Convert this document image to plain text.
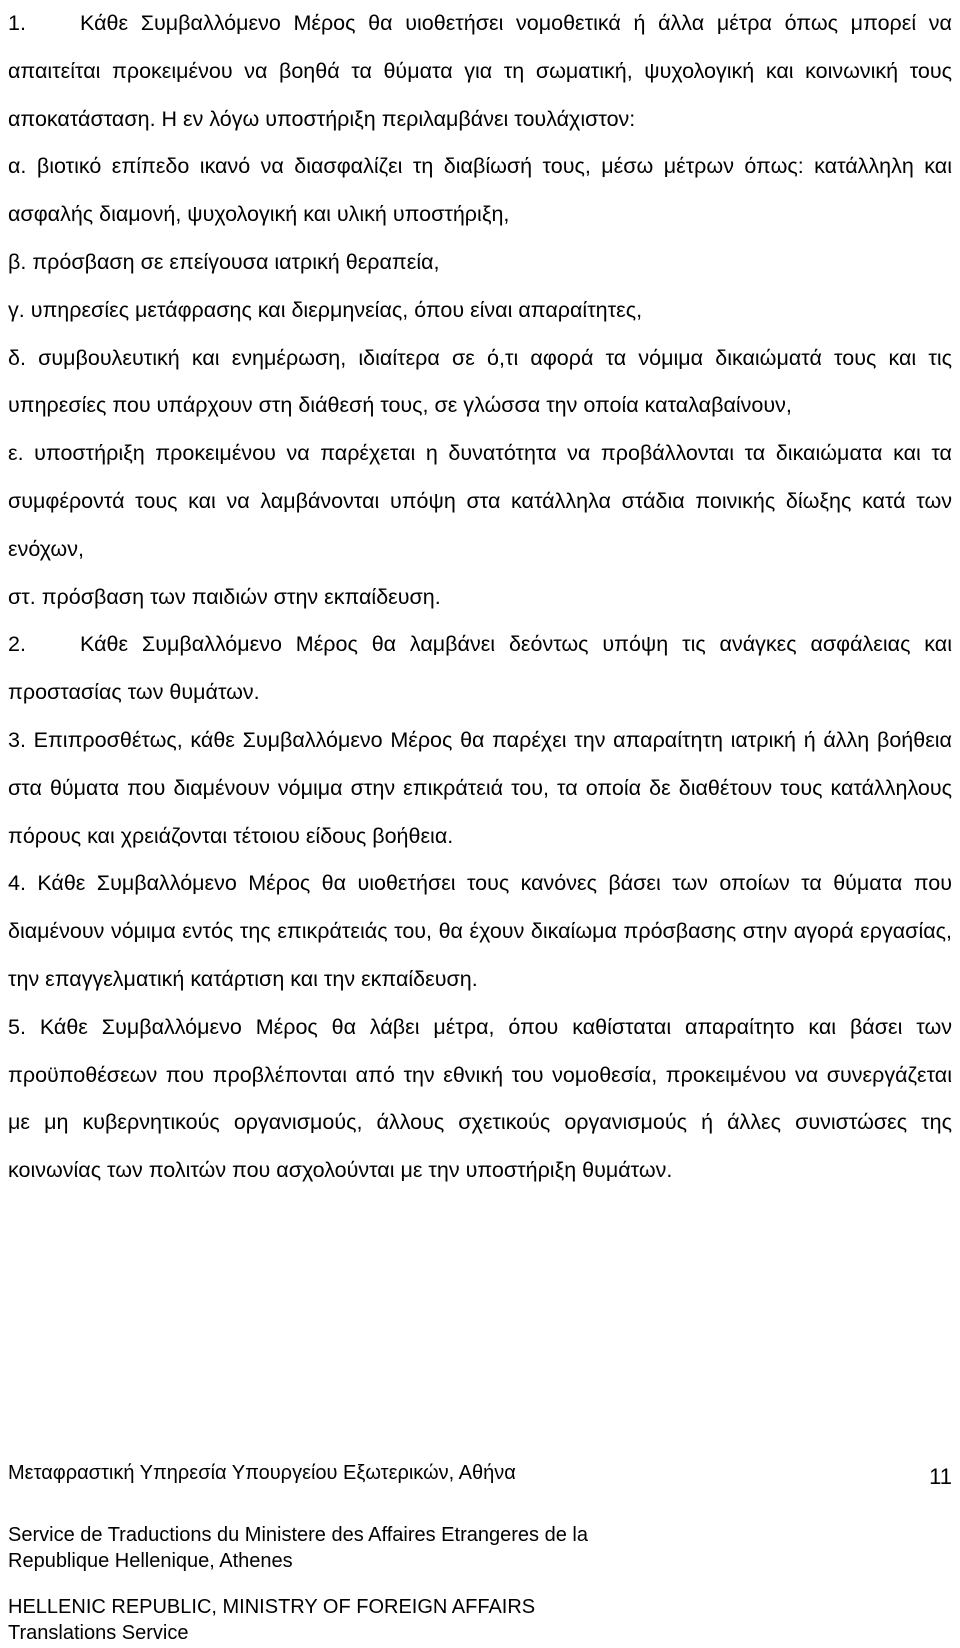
1.	Κάθε Συμβαλλόμενο Μέρος θα υιοθετήσει νομοθετικά ή άλλα μέτρα όπως μπορεί να απαιτείται προκειμένου να βοηθά τα θύματα για τη σωματική, ψυχολογική και κοινωνική τους αποκατάσταση. Η εν λόγω υποστήριξη περιλαμβάνει τουλάχιστον:

α. βιοτικό επίπεδο ικανό να διασφαλίζει τη διαβίωσή τους, μέσω μέτρων όπως: κατάλληλη και ασφαλής διαμονή, ψυχολογική και υλική υποστήριξη,

β. πρόσβαση σε επείγουσα ιατρική θεραπεία,

γ. υπηρεσίες μετάφρασης και διερμηνείας, όπου είναι απαραίτητες,

δ. συμβουλευτική και ενημέρωση, ιδιαίτερα σε ό,τι αφορά τα νόμιμα δικαιώματά τους και τις υπηρεσίες που υπάρχουν στη διάθεσή τους, σε γλώσσα την οποία καταλαβαίνουν,

ε. υποστήριξη προκειμένου να παρέχεται η δυνατότητα να προβάλλονται τα δικαιώματα και τα συμφέροντά τους και να λαμβάνονται υπόψη στα κατάλληλα στάδια ποινικής δίωξης κατά των ενόχων,

στ. πρόσβαση των παιδιών στην εκπαίδευση.

2.	Κάθε Συμβαλλόμενο Μέρος θα λαμβάνει δεόντως υπόψη τις ανάγκες ασφάλειας και προστασίας των θυμάτων.

3. Επιπροσθέτως, κάθε Συμβαλλόμενο Μέρος θα παρέχει την απαραίτητη ιατρική ή άλλη βοήθεια στα θύματα που διαμένουν νόμιμα στην επικράτειά του, τα οποία δε διαθέτουν τους κατάλληλους πόρους και χρειάζονται τέτοιου είδους βοήθεια.

4. Κάθε Συμβαλλόμενο Μέρος θα υιοθετήσει τους κανόνες βάσει των οποίων τα θύματα που διαμένουν νόμιμα εντός της επικράτειάς του, θα έχουν δικαίωμα πρόσβασης στην αγορά εργασίας, την επαγγελματική κατάρτιση και την εκπαίδευση.

5. Κάθε Συμβαλλόμενο Μέρος θα λάβει μέτρα, όπου καθίσταται απαραίτητο και βάσει των προϋποθέσεων που προβλέπονται από την εθνική του νομοθεσία, προκειμένου να συνεργάζεται με μη κυβερνητικούς οργανισμούς, άλλους σχετικούς οργανισμούς ή άλλες συνιστώσες της κοινωνίας των πολιτών που ασχολούνται με την υποστήριξη θυμάτων.

Μεταφραστική Υπηρεσία Υπουργείου Εξωτερικών, Αθήνα	11
Service de Traductions du Ministere des Affaires Etrangeres de la
Republique Hellenique, Athenes
HELLENIC REPUBLIC, MINISTRY OF FOREIGN AFFAIRS
Translations Service
